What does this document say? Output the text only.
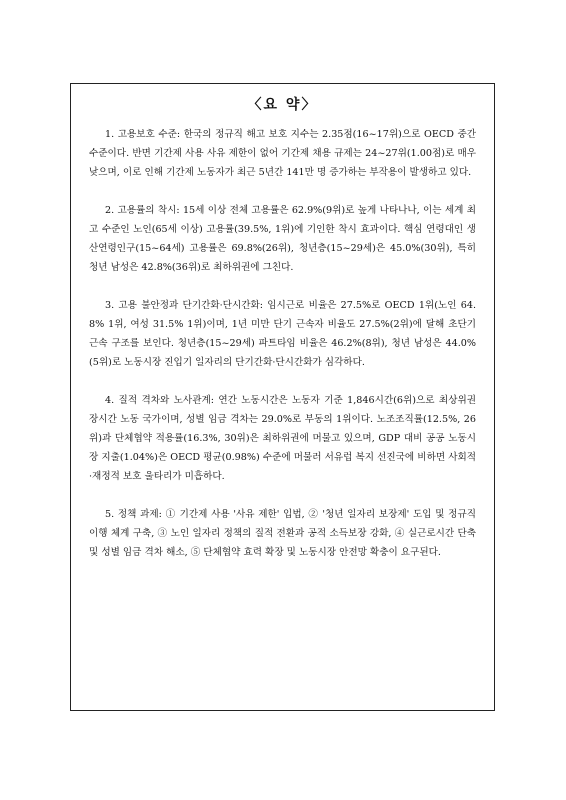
〈요 약〉

1. 고용보호 수준: 한국의 정규직 해고 보호 지수는 2.35점(16~17위)으로 OECD 중간 수준이다. 반면 기간제 사용 사유 제한이 없어 기간제 채용 규제는 24~27위(1.00점)로 매우 낮으며, 이로 인해 기간제 노동자가 최근 5년간 141만 명 증가하는 부작용이 발생하고 있다.

2. 고용률의 착시: 15세 이상 전체 고용률은 62.9%(9위)로 높게 나타나나, 이는 세계 최고 수준인 노인(65세 이상) 고용률(39.5%, 1위)에 기인한 착시 효과이다. 핵심 연령대인 생산연령인구(15~64세) 고용률은 69.8%(26위), 청년층(15~29세)은 45.0%(30위), 특히 청년 남성은 42.8%(36위)로 최하위권에 그친다.

3. 고용 불안정과 단기간화·단시간화: 임시근로 비율은 27.5%로 OECD 1위(노인 64.8% 1위, 여성 31.5% 1위)이며, 1년 미만 단기 근속자 비율도 27.5%(2위)에 달해 초단기 근속 구조를 보인다. 청년층(15~29세) 파트타임 비율은 46.2%(8위), 청년 남성은 44.0%(5위)로 노동시장 진입기 일자리의 단기간화·단시간화가 심각하다.

4. 질적 격차와 노사관계: 연간 노동시간은 노동자 기준 1,846시간(6위)으로 최상위권 장시간 노동 국가이며, 성별 임금 격차는 29.0%로 부동의 1위이다. 노조조직률(12.5%, 26위)과 단체협약 적용률(16.3%, 30위)은 최하위권에 머물고 있으며, GDP 대비 공공 노동시장 지출(1.04%)은 OECD 평균(0.98%) 수준에 머물러 서유럽 복지 선진국에 비하면 사회적·재정적 보호 울타리가 미흡하다.

5. 정책 과제: ① 기간제 사용 '사유 제한' 입법, ② '청년 일자리 보장제' 도입 및 정규직 이행 체계 구축, ③ 노인 일자리 정책의 질적 전환과 공적 소득보장 강화, ④ 실근로시간 단축 및 성별 임금 격차 해소, ⑤ 단체협약 효력 확장 및 노동시장 안전망 확충이 요구된다.
